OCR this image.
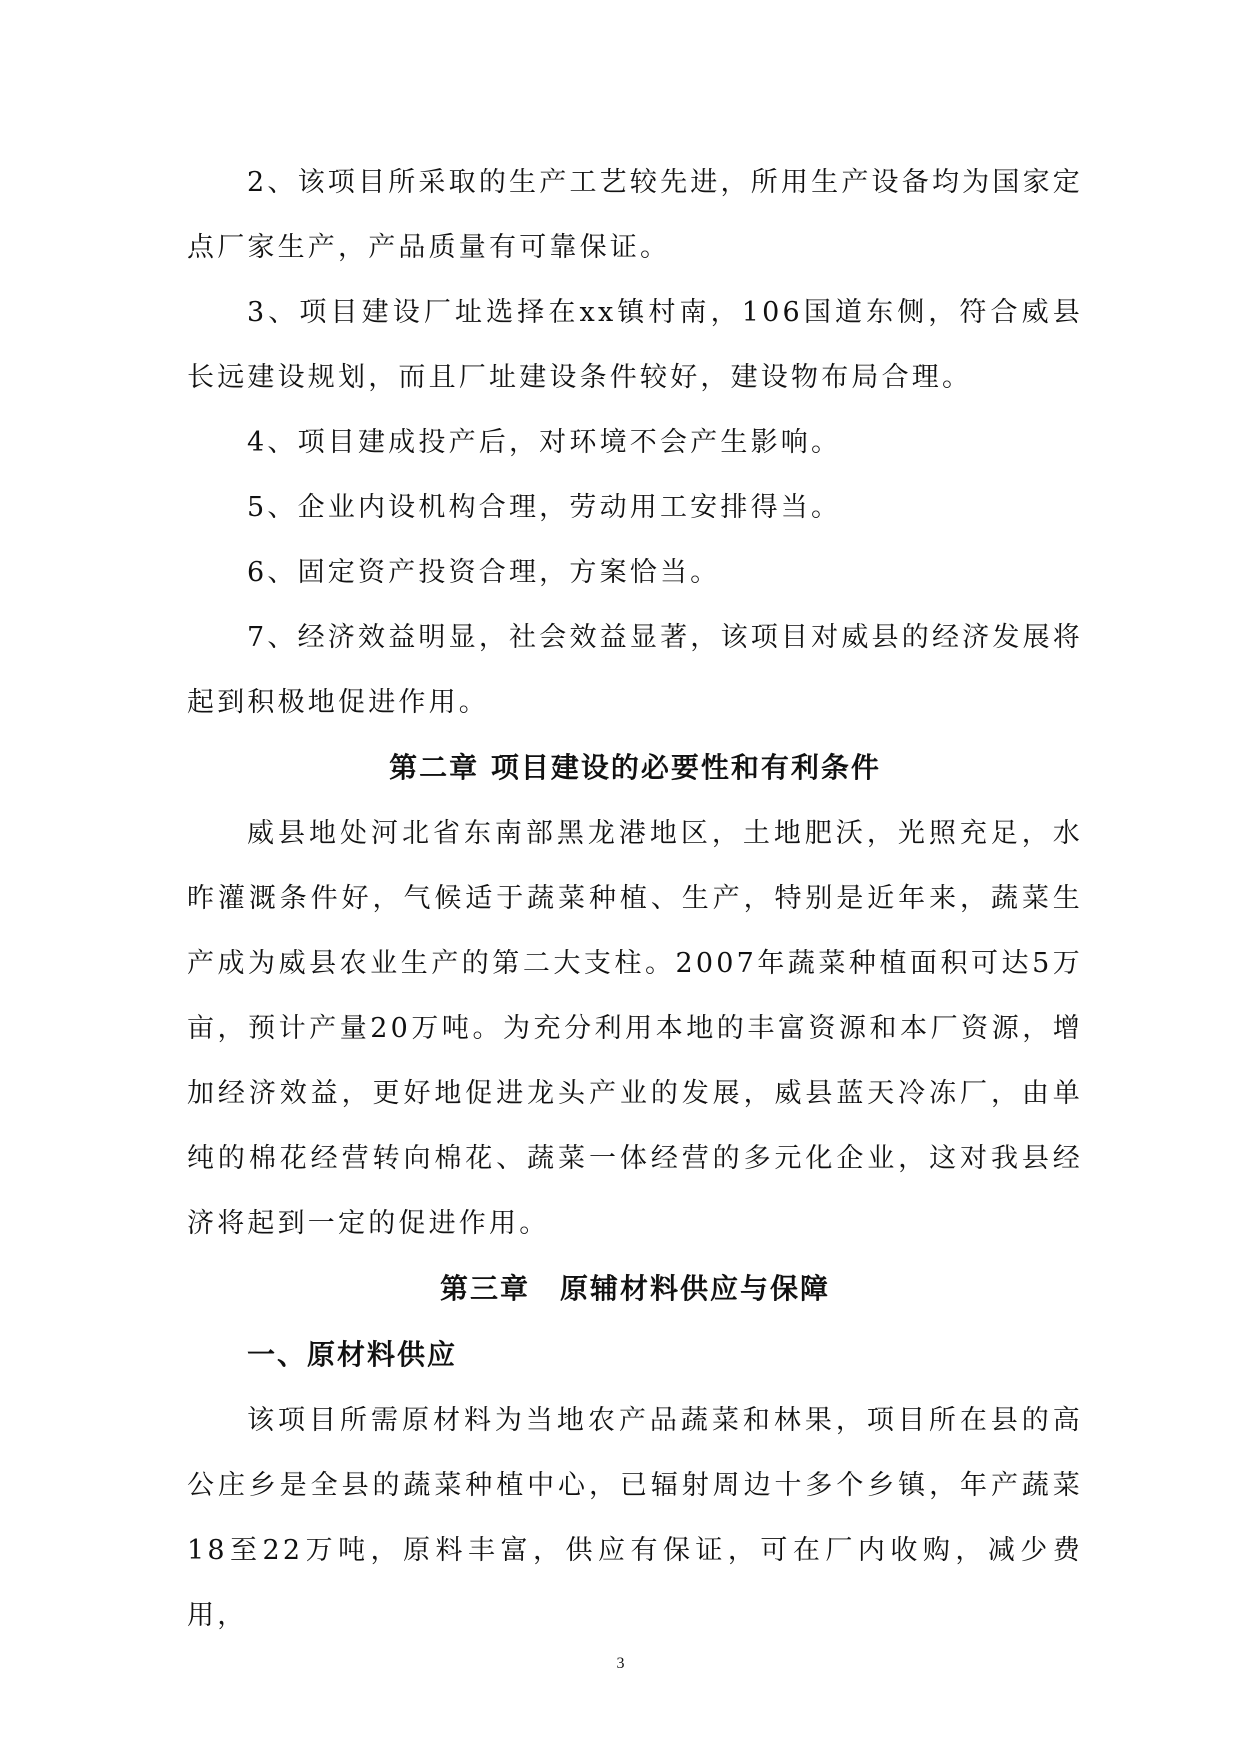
2、该项目所采取的生产工艺较先进，所用生产设备均为国家定点厂家生产，产品质量有可靠保证。

3、项目建设厂址选择在xx镇村南，106国道东侧，符合威县长远建设规划，而且厂址建设条件较好，建设物布局合理。

4、项目建成投产后，对环境不会产生影响。

5、企业内设机构合理，劳动用工安排得当。

6、固定资产投资合理，方案恰当。

7、经济效益明显，社会效益显著，该项目对威县的经济发展将起到积极地促进作用。

第二章 项目建设的必要性和有利条件

威县地处河北省东南部黑龙港地区，土地肥沃，光照充足，水昨灌溉条件好，气候适于蔬菜种植、生产，特别是近年来，蔬菜生产成为威县农业生产的第二大支柱。2007年蔬菜种植面积可达5万亩，预计产量20万吨。为充分利用本地的丰富资源和本厂资源，增加经济效益，更好地促进龙头产业的发展，威县蓝天冷冻厂，由单纯的棉花经营转向棉花、蔬菜一体经营的多元化企业，这对我县经济将起到一定的促进作用。

第三章　原辅材料供应与保障
一、原材料供应

该项目所需原材料为当地农产品蔬菜和林果，项目所在县的高公庄乡是全县的蔬菜种植中心，已辐射周边十多个乡镇，年产蔬菜18至22万吨，原料丰富，供应有保证，可在厂内收购，减少费用，

3
